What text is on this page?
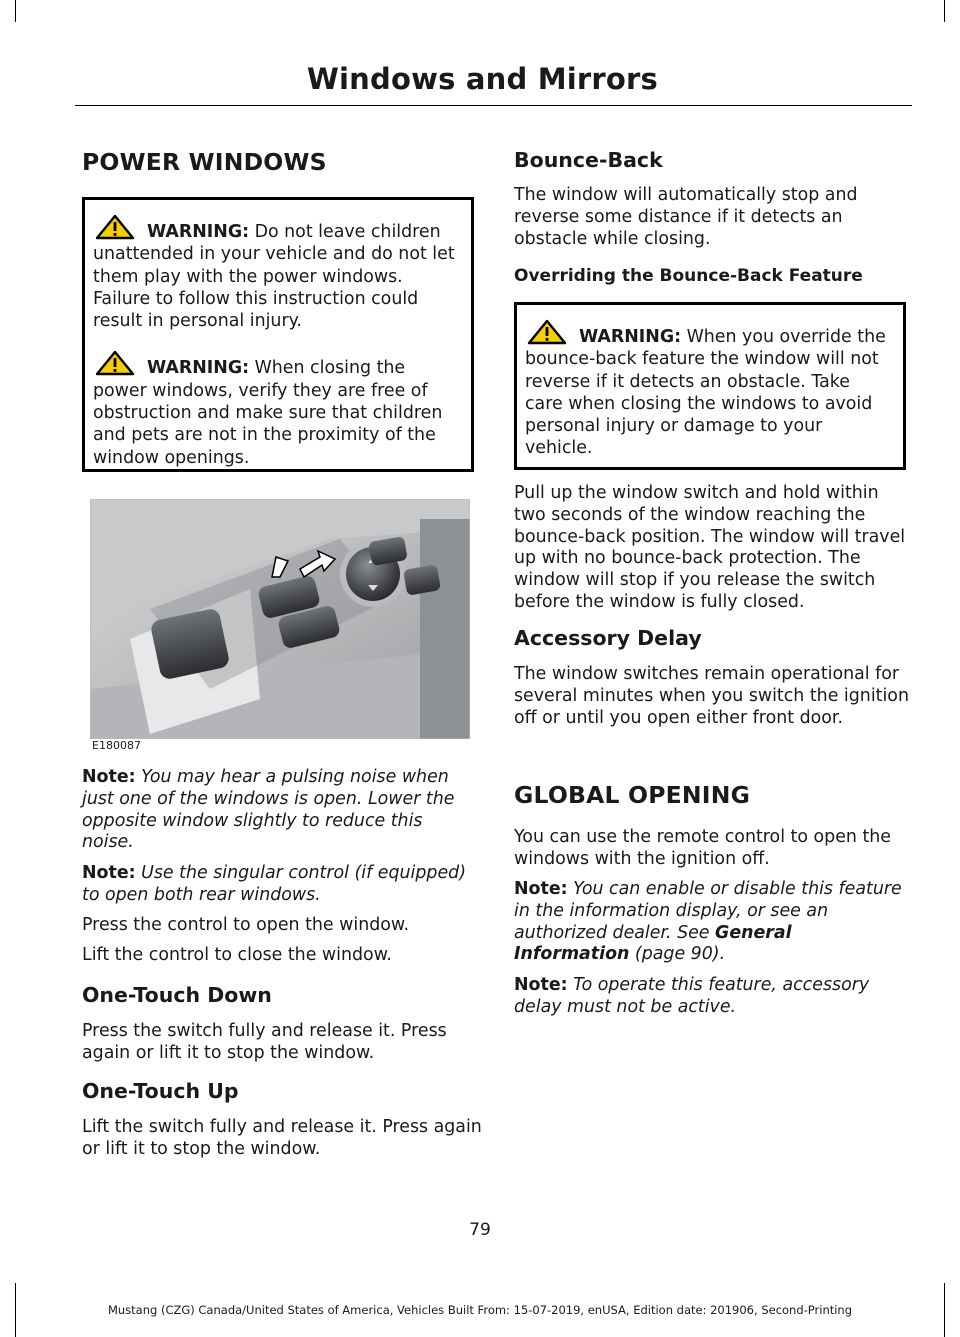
Windows and Mirrors
POWER WINDOWS

WARNING: Do not leave children unattended in your vehicle and do not let them play with the power windows. Failure to follow this instruction could result in personal injury.

WARNING: When closing the power windows, verify they are free of obstruction and make sure that children and pets are not in the proximity of the window openings.

E180087
Note: You may hear a pulsing noise when just one of the windows is open. Lower the opposite window slightly to reduce this noise.
Note: Use the singular control (if equipped) to open both rear windows.
Press the control to open the window.
Lift the control to close the window.
One-Touch Down
Press the switch fully and release it. Press again or lift it to stop the window.
One-Touch Up
Lift the switch fully and release it. Press again or lift it to stop the window.
Bounce-Back
The window will automatically stop and reverse some distance if it detects an obstacle while closing.
Overriding the Bounce-Back Feature

WARNING: When you override the bounce-back feature the window will not reverse if it detects an obstacle. Take care when closing the windows to avoid personal injury or damage to your vehicle.

Pull up the window switch and hold within two seconds of the window reaching the bounce-back position. The window will travel up with no bounce-back protection. The window will stop if you release the switch before the window is fully closed.
Accessory Delay
The window switches remain operational for several minutes when you switch the ignition off or until you open either front door.
GLOBAL OPENING
You can use the remote control to open the windows with the ignition off.
Note: You can enable or disable this feature in the information display, or see an authorized dealer. See General Information (page 90).
Note: To operate this feature, accessory delay must not be active.
79
Mustang (CZG) Canada/United States of America, Vehicles Built From: 15-07-2019, enUSA, Edition date: 201906, Second-Printing
